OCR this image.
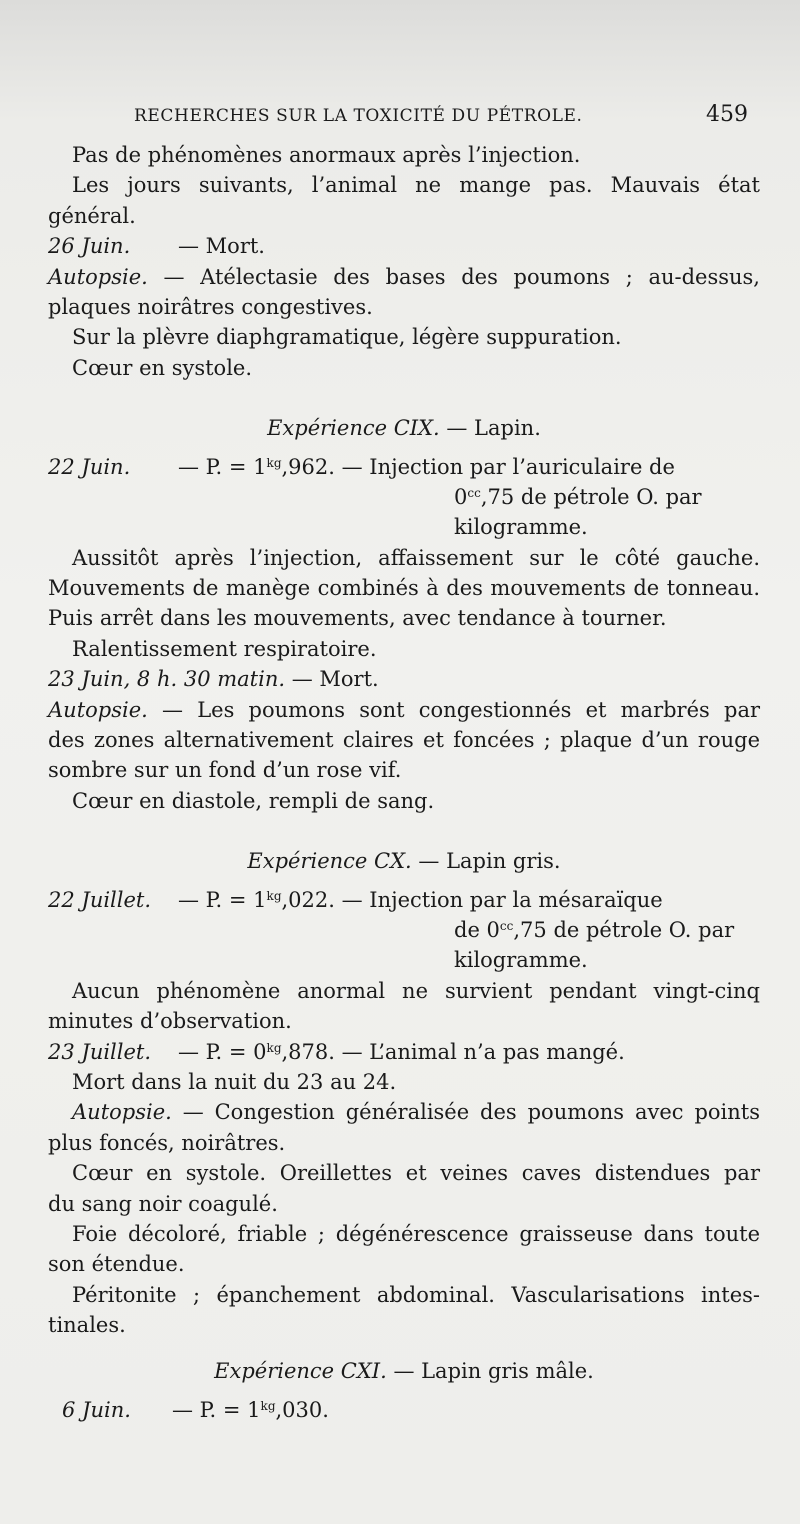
RECHERCHES SUR LA TOXICITÉ DU PÉTROLE.	459
Pas de phénomènes anormaux après l’injection.
Les jours suivants, l’animal ne mange pas. Mauvais état
général.
26 Juin. — Mort.
Autopsie. — Atélectasie des bases des poumons ; au-dessus,
plaques noirâtres congestives.
Sur la plèvre diaphgramatique, légère suppuration.
Cœur en systole.
Expérience CIX. — Lapin.
22 Juin. — P. = $1^{kg},962$. — Injection par l’auriculaire de
$0^{cc},75$ de pétrole O. par
kilogramme.
Aussitôt après l’injection, affaissement sur le côté gauche.
Mouvements de manège combinés à des mouvements de tonneau.
Puis arrêt dans les mouvements, avec tendance à tourner.
Ralentissement respiratoire.
23 Juin, 8 h. 30 matin. — Mort.
Autopsie. — Les poumons sont congestionnés et marbrés par
des zones alternativement claires et foncées ; plaque d’un rouge
sombre sur un fond d’un rose vif.
Cœur en diastole, rempli de sang.
Expérience CX. — Lapin gris.
22 Juillet. — P. = $1^{kg},022$. — Injection par la mésaraïque
de $0^{cc},75$ de pétrole O. par
kilogramme.
Aucun phénomène anormal ne survient pendant vingt-cinq
minutes d’observation.
23 Juillet. — P. = $0^{kg},878$. — L’animal n’a pas mangé.
Mort dans la nuit du 23 au 24.
Autopsie. — Congestion généralisée des poumons avec points
plus foncés, noirâtres.
Cœur en systole. Oreillettes et veines caves distendues par
du sang noir coagulé.
Foie décoloré, friable ; dégénérescence graisseuse dans toute
son étendue.
Péritonite ; épanchement abdominal. Vascularisations intes-
tinales.
Expérience CXI. — Lapin gris mâle.
6 Juin. — P. = $1^{kg},030$.
